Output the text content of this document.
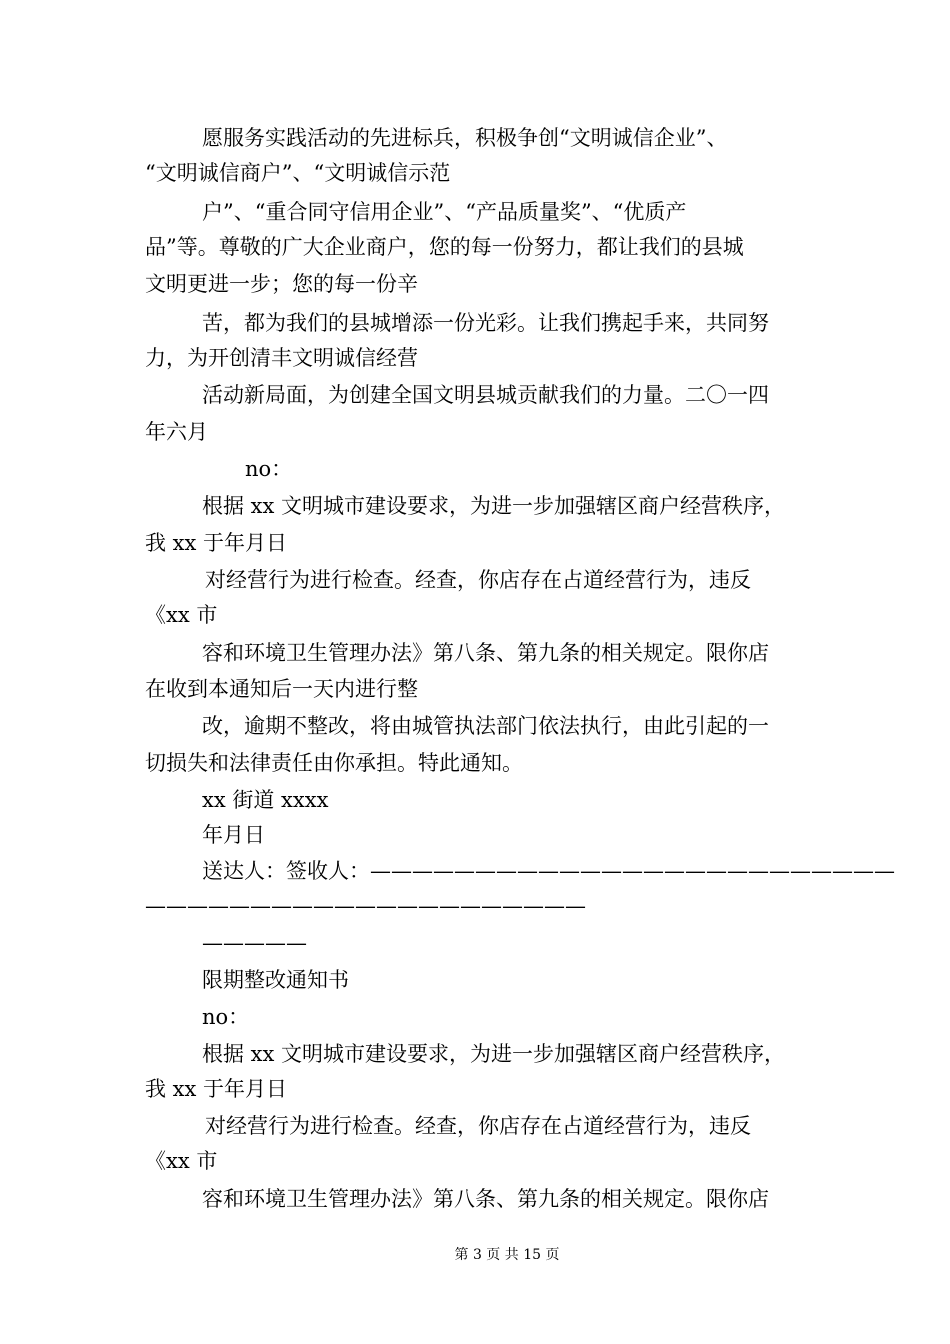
愿服务实践活动的先进标兵，积极争创“文明诚信企业”、
“文明诚信商户”、“文明诚信示范
户”、“重合同守信用企业”、“产品质量奖”、“优质产
品”等。尊敬的广大企业商户，您的每一份努力，都让我们的县城
文明更进一步；您的每一份辛
苦，都为我们的县城增添一份光彩。让我们携起手来，共同努
力，为开创清丰文明诚信经营
活动新局面，为创建全国文明县城贡献我们的力量。二〇一四
年六月
no：
根据 xx 文明城市建设要求，为进一步加强辖区商户经营秩序，
我 xx 于年月日
对经营行为进行检查。经查，你店存在占道经营行为，违反
《xx 市
容和环境卫生管理办法》第八条、第九条的相关规定。限你店
在收到本通知后一天内进行整
改，逾期不整改，将由城管执法部门依法执行，由此引起的一
切损失和法律责任由你承担。特此通知。
xx 街道 xxxx
年月日
送达人：签收人：—————————————————————————
—————————————————————
—————
限期整改通知书
no：
根据 xx 文明城市建设要求，为进一步加强辖区商户经营秩序，
我 xx 于年月日
对经营行为进行检查。经查，你店存在占道经营行为，违反
《xx 市
容和环境卫生管理办法》第八条、第九条的相关规定。限你店
第 3 页 共 15 页
